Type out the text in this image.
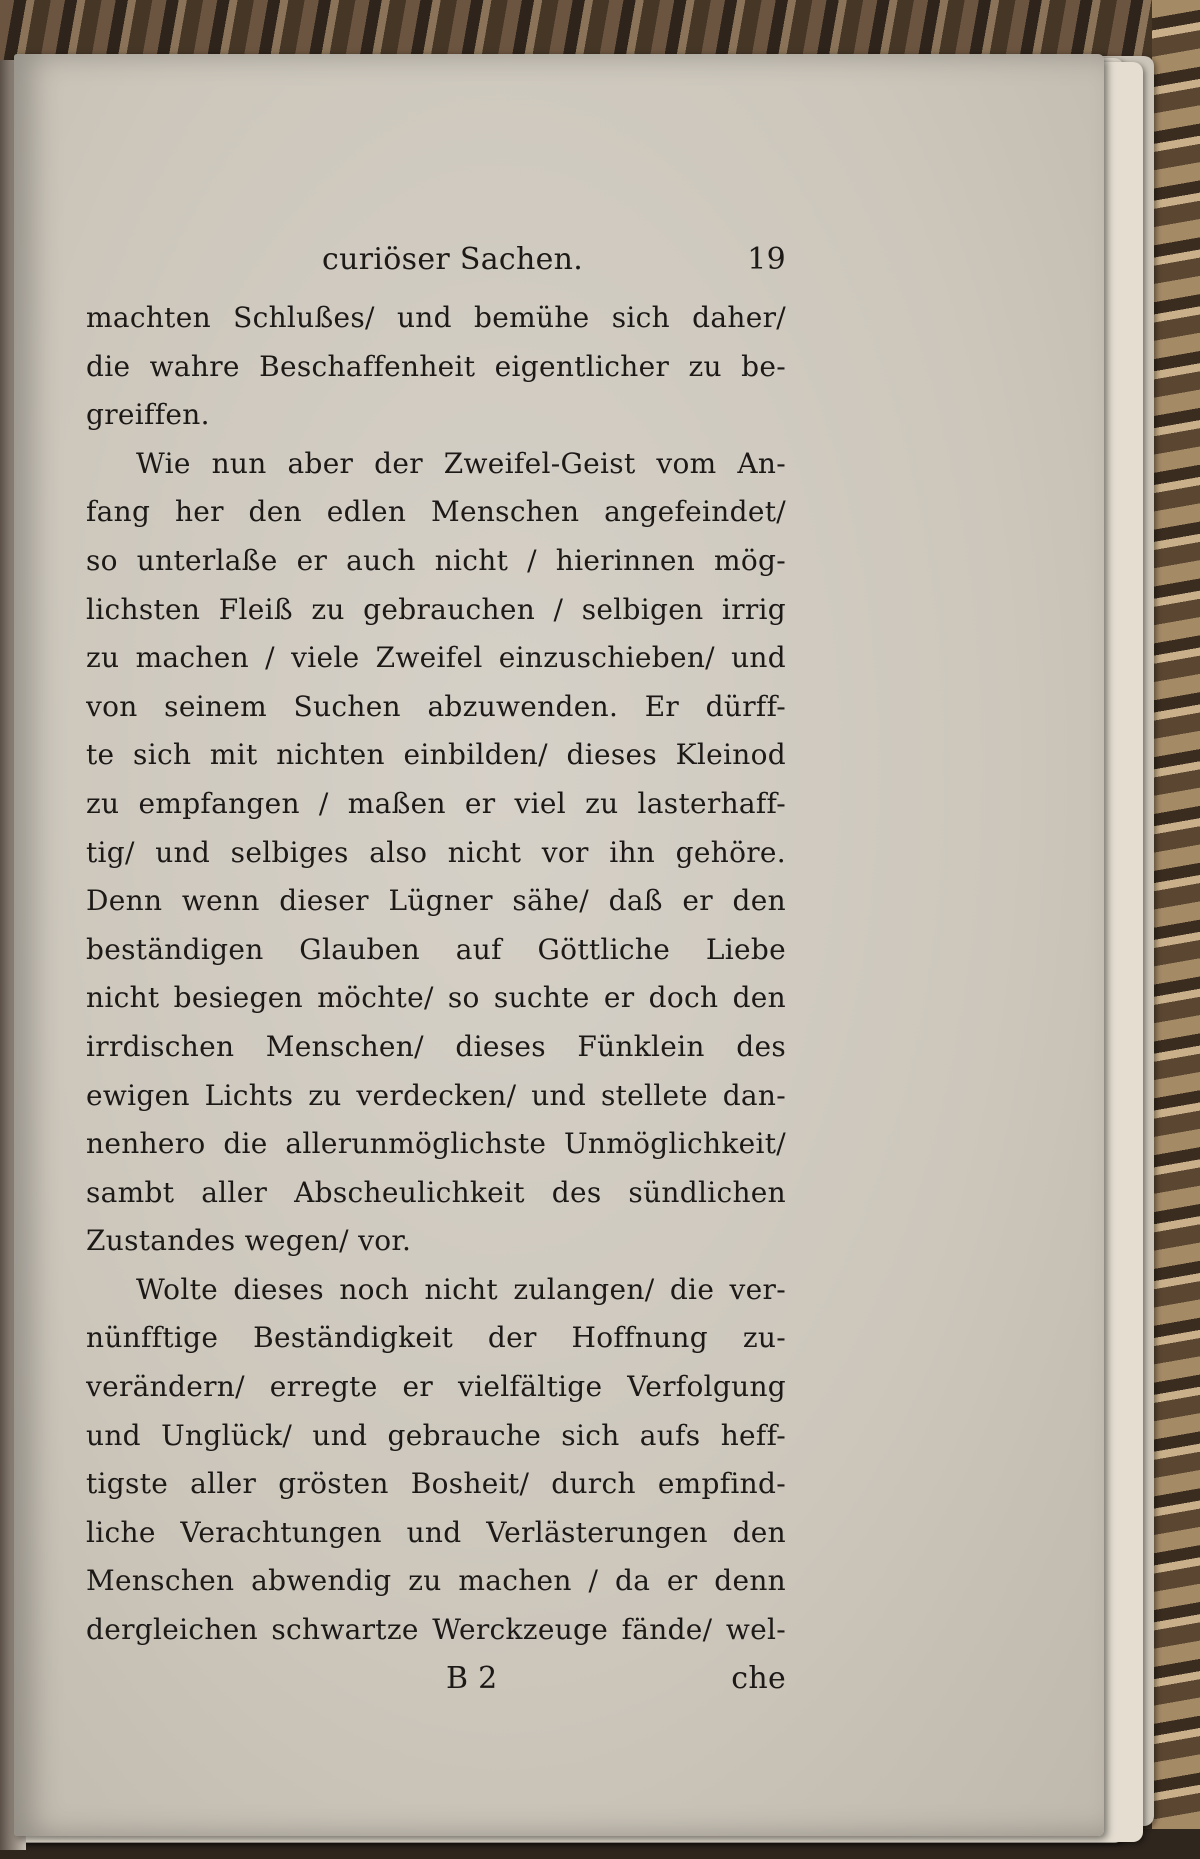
curiöser Sachen.	19
machten Schlußes/ und bemühe sich daher/
die wahre Beschaffenheit eigentlicher zu be-
greiffen.
Wie nun aber der Zweifel-Geist vom An-
fang her den edlen Menschen angefeindet/
so unterlaße er auch nicht / hierinnen mög-
lichsten Fleiß zu gebrauchen / selbigen irrig
zu machen / viele Zweifel einzuschieben/ und
von seinem Suchen abzuwenden. Er dürff-
te sich mit nichten einbilden/ dieses Kleinod
zu empfangen / maßen er viel zu lasterhaff-
tig/ und selbiges also nicht vor ihn gehöre.
Denn wenn dieser Lügner sähe/ daß er den
beständigen Glauben auf Göttliche Liebe
nicht besiegen möchte/ so suchte er doch den
irrdischen Menschen/ dieses Fünklein des
ewigen Lichts zu verdecken/ und stellete dan-
nenhero die allerunmöglichste Unmöglichkeit/
sambt aller Abscheulichkeit des sündlichen
Zustandes wegen/ vor.
Wolte dieses noch nicht zulangen/ die ver-
nünfftige Beständigkeit der Hoffnung zu-
verändern/ erregte er vielfältige Verfolgung
und Unglück/ und gebrauche sich aufs heff-
tigste aller grösten Bosheit/ durch empfind-
liche Verachtungen und Verlästerungen den
Menschen abwendig zu machen / da er denn
dergleichen schwartze Werckzeuge fände/ wel-
B 2	che
